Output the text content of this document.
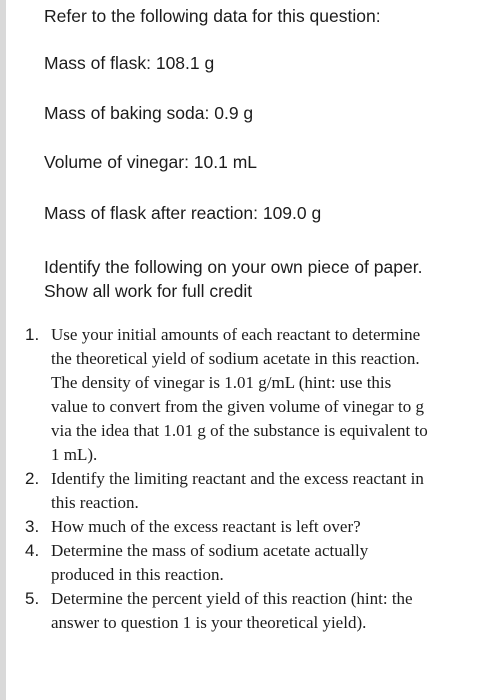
Refer to the following data for this question:

Mass of flask: 108.1 g

Mass of baking soda: 0.9 g

Volume of vinegar: 10.1 mL

Mass of flask after reaction: 109.0 g

Identify the following on your own piece of paper. Show all work for full credit

1. Use your initial amounts of each reactant to determine the theoretical yield of sodium acetate in this reaction. The density of vinegar is 1.01 g/mL (hint: use this value to convert from the given volume of vinegar to g via the idea that 1.01 g of the substance is equivalent to 1 mL).
2. Identify the limiting reactant and the excess reactant in this reaction.
3. How much of the excess reactant is left over?
4. Determine the mass of sodium acetate actually produced in this reaction.
5. Determine the percent yield of this reaction (hint: the answer to question 1 is your theoretical yield).
